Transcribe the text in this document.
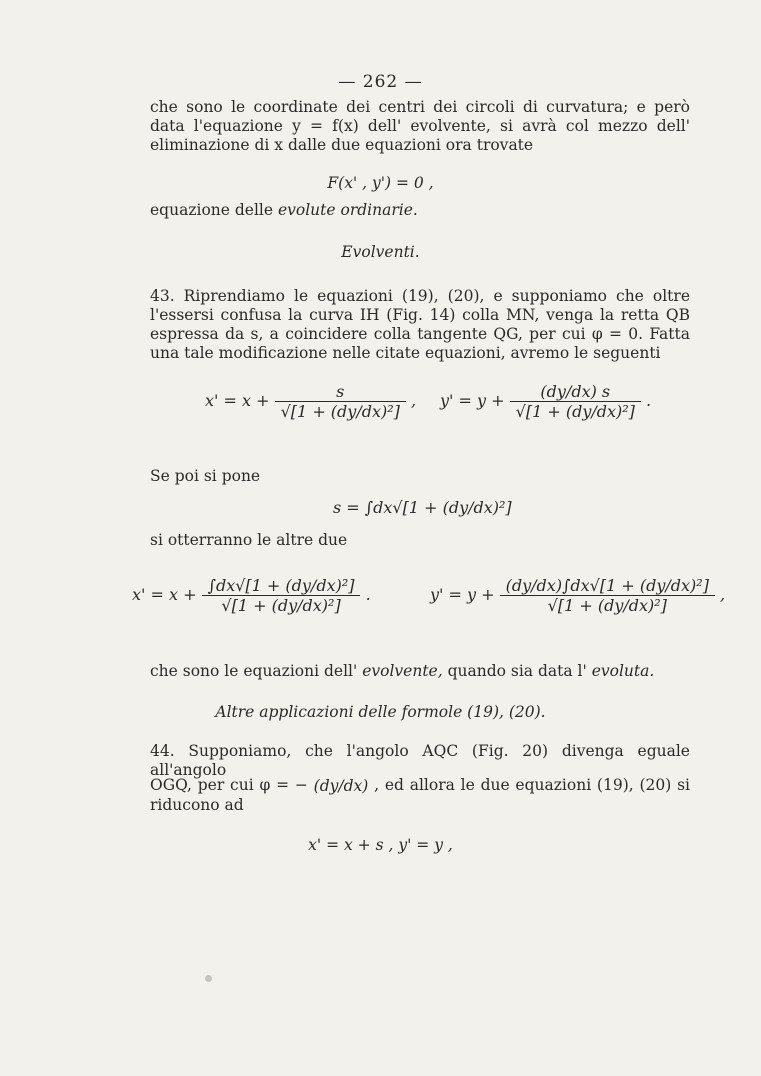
— 262 —
che sono le coordinate dei centri dei circoli di curvatura; e però data l'equazione y = f(x) dell' evolvente, si avrà col mezzo dell' eliminazione di x dalle due equazioni ora trovate
F(x' , y') = 0 ,
equazione delle evolute ordinarie.
Evolventi.
43. Riprendiamo le equazioni (19), (20), e supponiamo che oltre l'essersi confusa la curva IH (Fig. 14) colla MN, venga la retta QB espressa da s, a coincidere colla tangente QG, per cui φ = 0. Fatta una tale modificazione nelle citate equazioni, avremo le seguenti
$x' = x + \frac{s}{\text{√[1 + (dy/dx)²]}}$ , $y' = y + \frac{(dy/dx) s}{\text{√[1 + (dy/dx)²]}}$ .
Se poi si pone
s = ∫dx√[1 + (dy/dx)²]
si otterranno le altre due
$x' = x + \frac{\text{∫dx√[1 + (dy/dx)²]}}{\text{√[1 + (dy/dx)²]}}$ .	$y' = y + \frac{\text{(dy/dx)∫dx√[1 + (dy/dx)²]}}{\text{√[1 + (dy/dx)²]}}$ ,
che sono le equazioni dell' evolvente, quando sia data l' evoluta.
Altre applicazioni delle formole (19), (20).
44. Supponiamo, che l'angolo AQC (Fig. 20) divenga eguale all'angolo
OGQ, per cui φ = − (dy/dx) , ed allora le due equazioni (19), (20) si riducono ad
x' = x + s , y' = y ,
